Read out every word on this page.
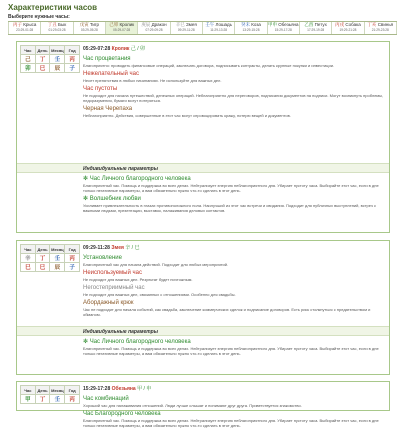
Характеристики часов
Выберите нужные часы:
丙子 Крыса
23:29-01:28
丁丑 Бык
01:29-03:28
戊寅 Тигр
03:29-05:28
己卯 Кролик
05:29-07:28
庚辰 Дракон
07:29-09:28
辛巳 Змея
09:29-11:28
壬午 Лошадь
11:29-13:28
癸未 Коза
13:29-15:28
甲申 Обезьяна
15:29-17:28
乙酉 Петух
17:29-19:28
丙戌 Собака
19:29-21:28
丁亥 Свинья
21:29-23:28
Час	День	Месяц	Год
己	丁	壬	丙
卯	巳	辰	子
05:29-07:28 Кролик 己 / 卯
Час процветания
Благоприятно: проводить финансовые операций, заключать договора, подписывать контракты, делать крупные покупки и инвестиции.
Нежелательный час
Несет препятствия в любых начинаниях. Не используйте для важных дел.
Час пустоты
Не подходит для начала путешествий, денежных операций. Неблагоприятно для переговоров, подписания документов на подписи. Могут возникнуть проблемы, недоразумения, бумаги могут потеряться.
Черная Черепаха
Неблагоприятно. Действия, совершенные в этот час могут спровоцировать кражу, потерю вещей и документов.
Индивидуальные параметры
✻ Час Личного благородного человека
Благоприятный час. Помощь и поддержка во всех делах. Нейтрализует энергию неблагоприятного дня. Убирает пустоту часа. Выбирайте этот час, если в дне только негативные параметры, а вам обязательно нужно что-то сделать в этот день.
✻ Волшебник любви
Усиливает привлекательность в глазах противоположного пола. Наилучший из этот час встречи и свидания. Подходит для публичных выступлений, встреч с важными людьми, презентации, выставок, налаживания деловых контактов.
Час	День	Месяц	Год
辛	丁	壬	丙
巳	巳	辰	子
09:29-11:28 Змея 辛 / 巳
Установление
Благоприятный час для начала действий. Подходит для любых мероприятий.
Неиспользуемый час
Не подходит для важных дел. Результат будет ничтожным.
Негостеприимный час
Не подходит для важных дел, связанных с отношениями. Особенно для свадьбы.
Абордажный крюк
Час не подходит для начала событий, как свадьба, заключение коммерческих сделок и подписание договоров. Есть риск столкнуться с предательством и обманом.
Индивидуальные параметры
✻ Час Личного благородного человека
Благоприятный час. Помощь и поддержка во всех делах. Нейтрализует энергию неблагоприятного дня. Убирает пустоту часа. Выбирайте этот час, если в дне только негативные параметры, а вам обязательно нужно что-то сделать в этот день.
Час	День	Месяц	Год
甲	丁	壬	丙
15:29-17:28 Обезьяна 甲 / 申
Час комбинаций
Хороший час для налаживания отношений. Люди лучше слышат и понимают друг друга. Приветствуется знакомство.
Час Благородного человека
Благоприятный час. Помощь и поддержка во всех делах. Нейтрализует энергию неблагоприятного дня. Убирает пустоту часа. Выбирайте этот час, если в дне только негативные параметры, а вам обязательно нужно что-то сделать в этот день.
